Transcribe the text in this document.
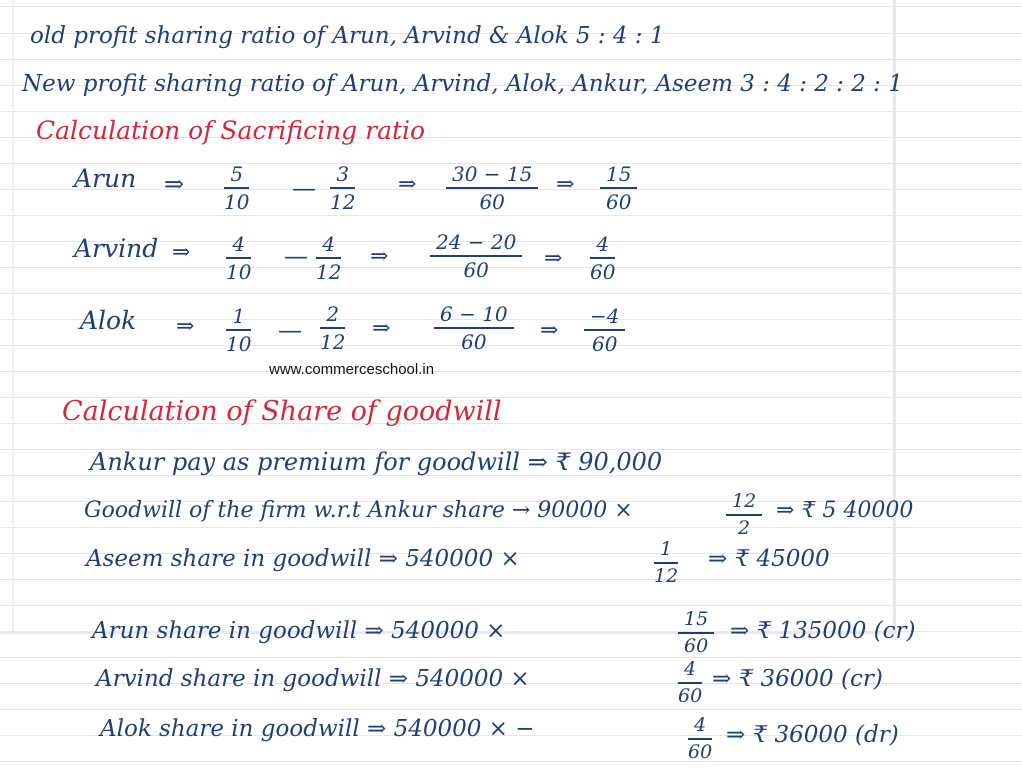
old profit sharing ratio of Arun, Arvind & Alok 5 : 4 : 1
New profit sharing ratio of Arun, Arvind, Alok, Ankur, Aseem 3 : 4 : 2 : 2 : 1
Calculation of Sacrificing ratio
Arun ⇒	5
10 —	3
12
⇒	30 − 15
60
⇒	15
60
Arvind ⇒	4
10
— 4
12
⇒
24 − 20
60	⇒
4
60
Alok ⇒	1
10 —
2
12
⇒
6 − 10
60 ⇒
−4
60
www.commerceschool.in
Calculation of Share of goodwill
Ankur pay as premium for goodwill ⇒ ₹ 90,000
Goodwill of the firm w.r.t Ankur share → 90000 ×	12
2
⇒ ₹ 5 40000
Aseem share in goodwill ⇒ 540000 ×	1
12
⇒ ₹ 45000
Arun share in goodwill ⇒ 540000 ×	15
60
⇒ ₹ 135000 (cr)
Arvind share in goodwill ⇒ 540000 ×	4
60
⇒ ₹ 36000 (cr)
Alok share in goodwill ⇒ 540000 × −	4
60
⇒ ₹ 36000 (dr)
